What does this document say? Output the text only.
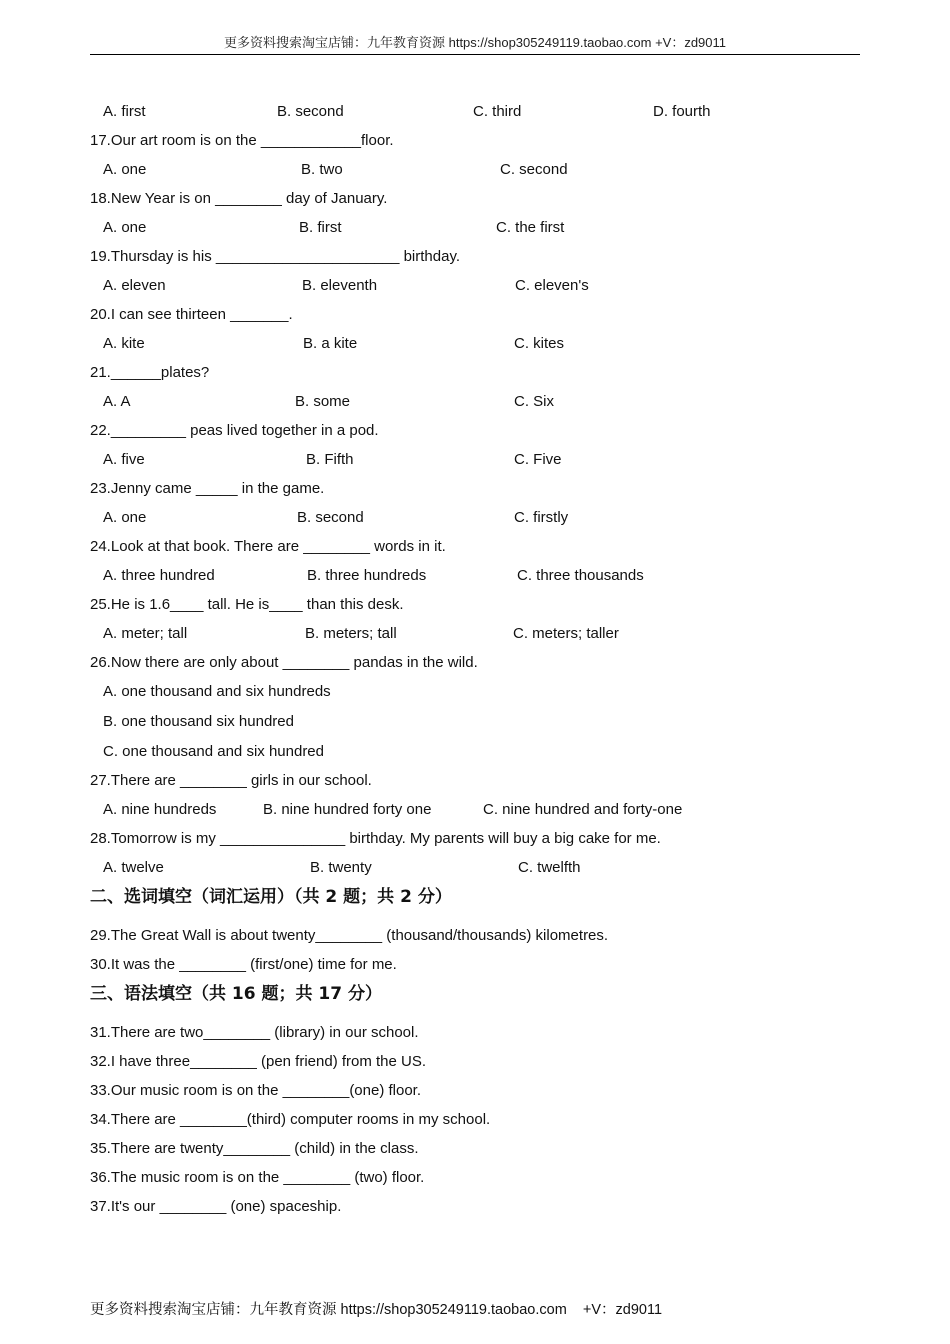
更多资料搜索淘宝店铺：九年教育资源 https://shop305249119.taobao.com +V：zd9011

A. first

	B. second

	C. third

	D. fourth

17.Our art room is on the ____________floor.

A. one

	B. two

	C. second

18.New Year is on ________ day of January.

A. one

	B. first

	C. the first

19.Thursday is his ______________________ birthday.

A. eleven

	B. eleventh

	C. eleven's

20.I can see thirteen _______.

A. kite

	B. a kite

	C. kites

21.______plates?

A. A

	B. some

	C. Six

22._________ peas lived together in a pod.

A. five

	B. Fifth

	C. Five

23.Jenny came _____ in the game.

A. one

	B. second

	C. firstly

24.Look at that book. There are ________ words in it.

A. three hundred

	B. three hundreds

	C. three thousands

25.He is 1.6____ tall. He is____ than this desk.

A. meter; tall

	B. meters; tall

	C. meters; taller

26.Now there are only about ________ pandas in the wild.

A. one thousand and six hundreds

B. one thousand six hundred

C. one thousand and six hundred

27.There are ________ girls in our school.

A. nine hundreds

	B. nine hundred forty one

	C. nine hundred and forty-one

28.Tomorrow is my _______________ birthday. My parents will buy a big cake for me.

A. twelve

	B. twenty

	C. twelfth

二、选词填空（词汇运用）（共 2 题；共 2 分）
29.The Great Wall is about twenty________ (thousand/thousands) kilometres.
30.It was the ________ (first/one) time for me.
三、语法填空（共 16 题；共 17 分）
31.There are two________ (library) in our school.
32.I have three________ (pen friend) from the US.
33.Our music room is on the ________(one) floor.
34.There are ________(third) computer rooms in my school.
35.There are twenty________ (child) in the class.
36.The music room is on the ________ (two) floor.
37.It's our ________ (one) spaceship.
更多资料搜索淘宝店铺：九年教育资源 https://shop305249119.taobao.com    +V：zd9011
